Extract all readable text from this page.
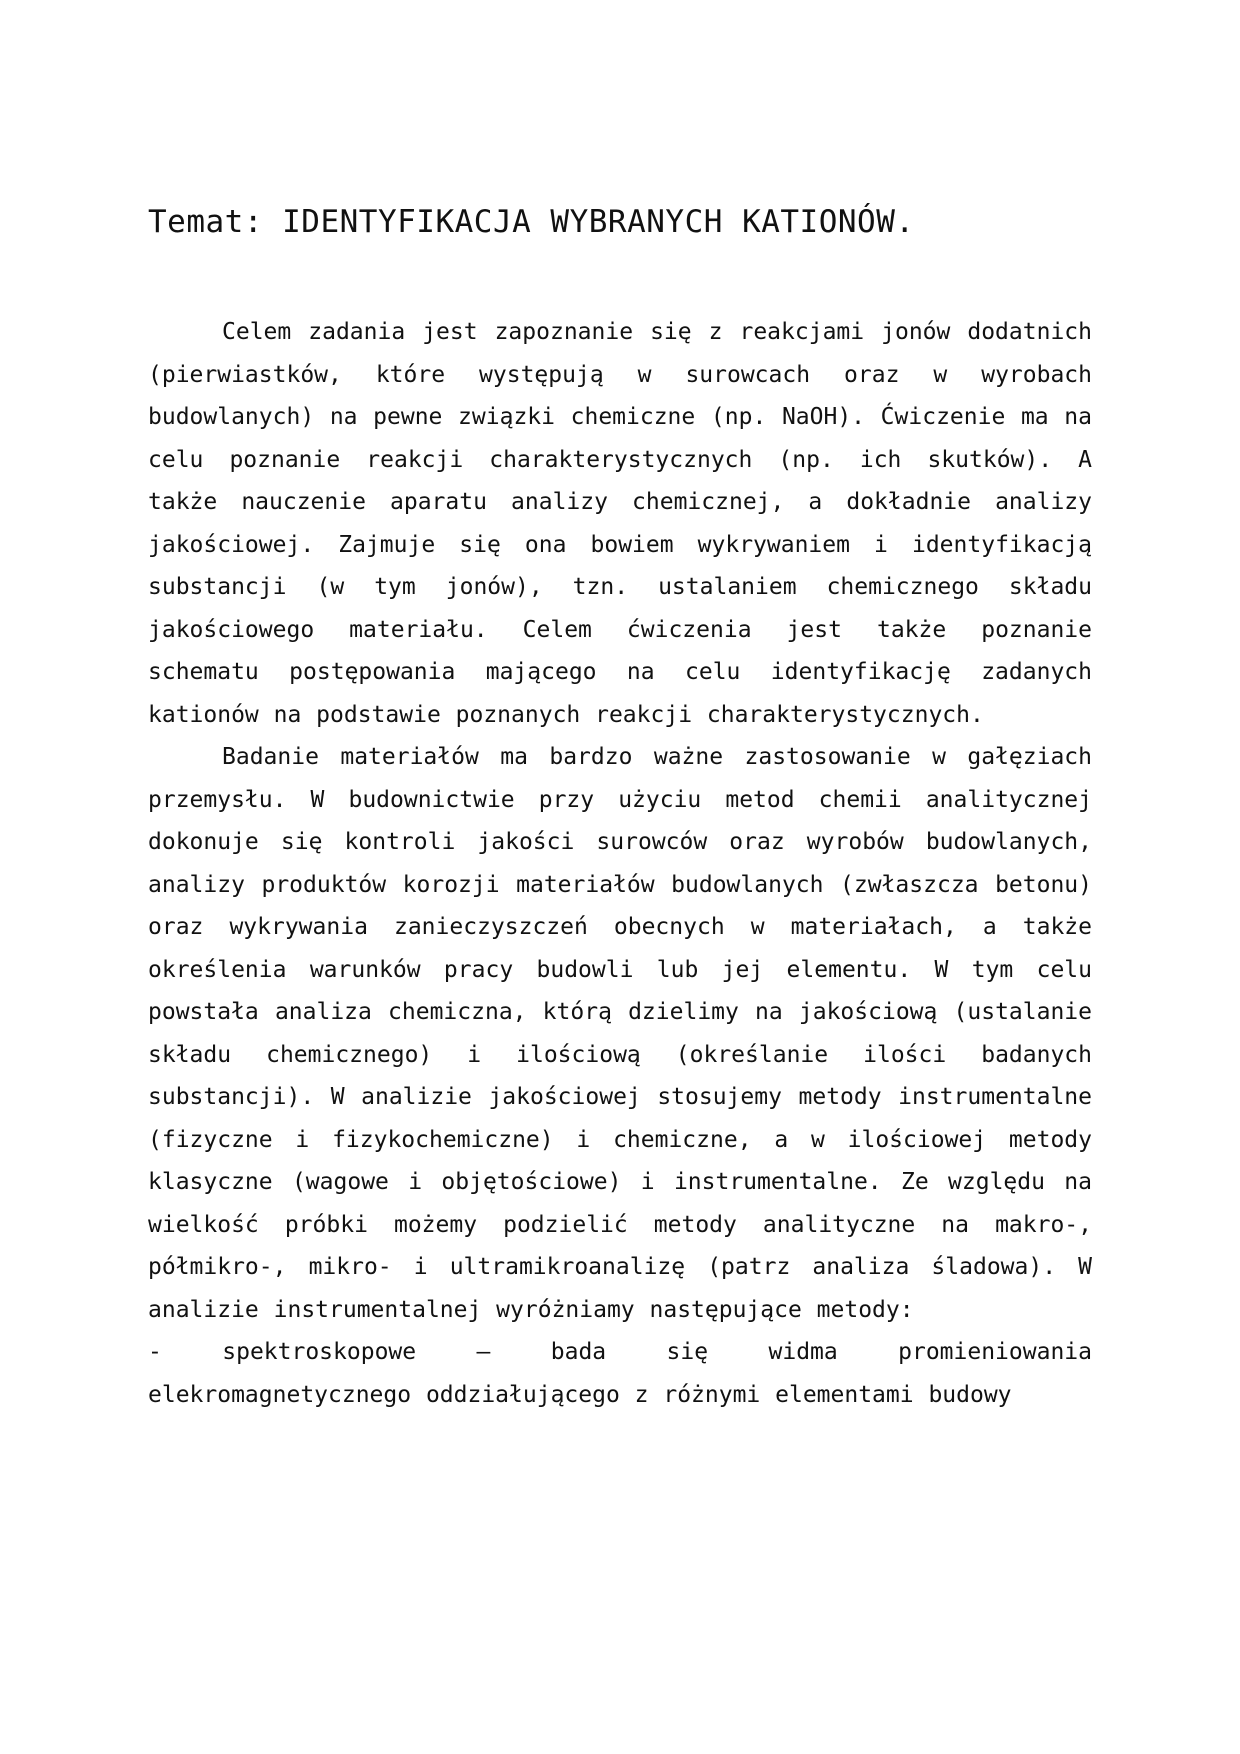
Temat: IDENTYFIKACJA WYBRANYCH KATIONÓW.

Celem zadania jest zapoznanie się z reakcjami jonów dodatnich (pierwiastków, które występują w surowcach oraz w wyrobach budowlanych) na pewne związki chemiczne (np. NaOH). Ćwiczenie ma na celu poznanie reakcji charakterystycznych (np. ich skutków). A także nauczenie aparatu analizy chemicznej, a dokładnie analizy jakościowej. Zajmuje się ona bowiem wykrywaniem i identyfikacją substancji (w tym jonów), tzn. ustalaniem chemicznego składu jakościowego materiału. Celem ćwiczenia jest także poznanie schematu postępowania mającego na celu identyfikację zadanych kationów na podstawie poznanych reakcji charakterystycznych.

Badanie materiałów ma bardzo ważne zastosowanie w gałęziach przemysłu. W budownictwie przy użyciu metod chemii analitycznej dokonuje się kontroli jakości surowców oraz wyrobów budowlanych, analizy produktów korozji materiałów budowlanych (zwłaszcza betonu) oraz wykrywania zanieczyszczeń obecnych w materiałach, a także określenia warunków pracy budowli lub jej elementu. W tym celu powstała analiza chemiczna, którą dzielimy na jakościową (ustalanie składu chemicznego) i ilościową (określanie ilości badanych substancji). W analizie jakościowej stosujemy metody instrumentalne (fizyczne i fizykochemiczne) i chemiczne, a w ilościowej metody klasyczne (wagowe i objętościowe) i instrumentalne. Ze względu na wielkość próbki możemy podzielić metody analityczne na makro-, półmikro-, mikro- i ultramikroanalizę (patrz analiza śladowa). W analizie instrumentalnej wyróżniamy następujące metody:

- spektroskopowe – bada się widma promieniowania elekromagnetycznego oddziałującego z różnymi elementami budowy
